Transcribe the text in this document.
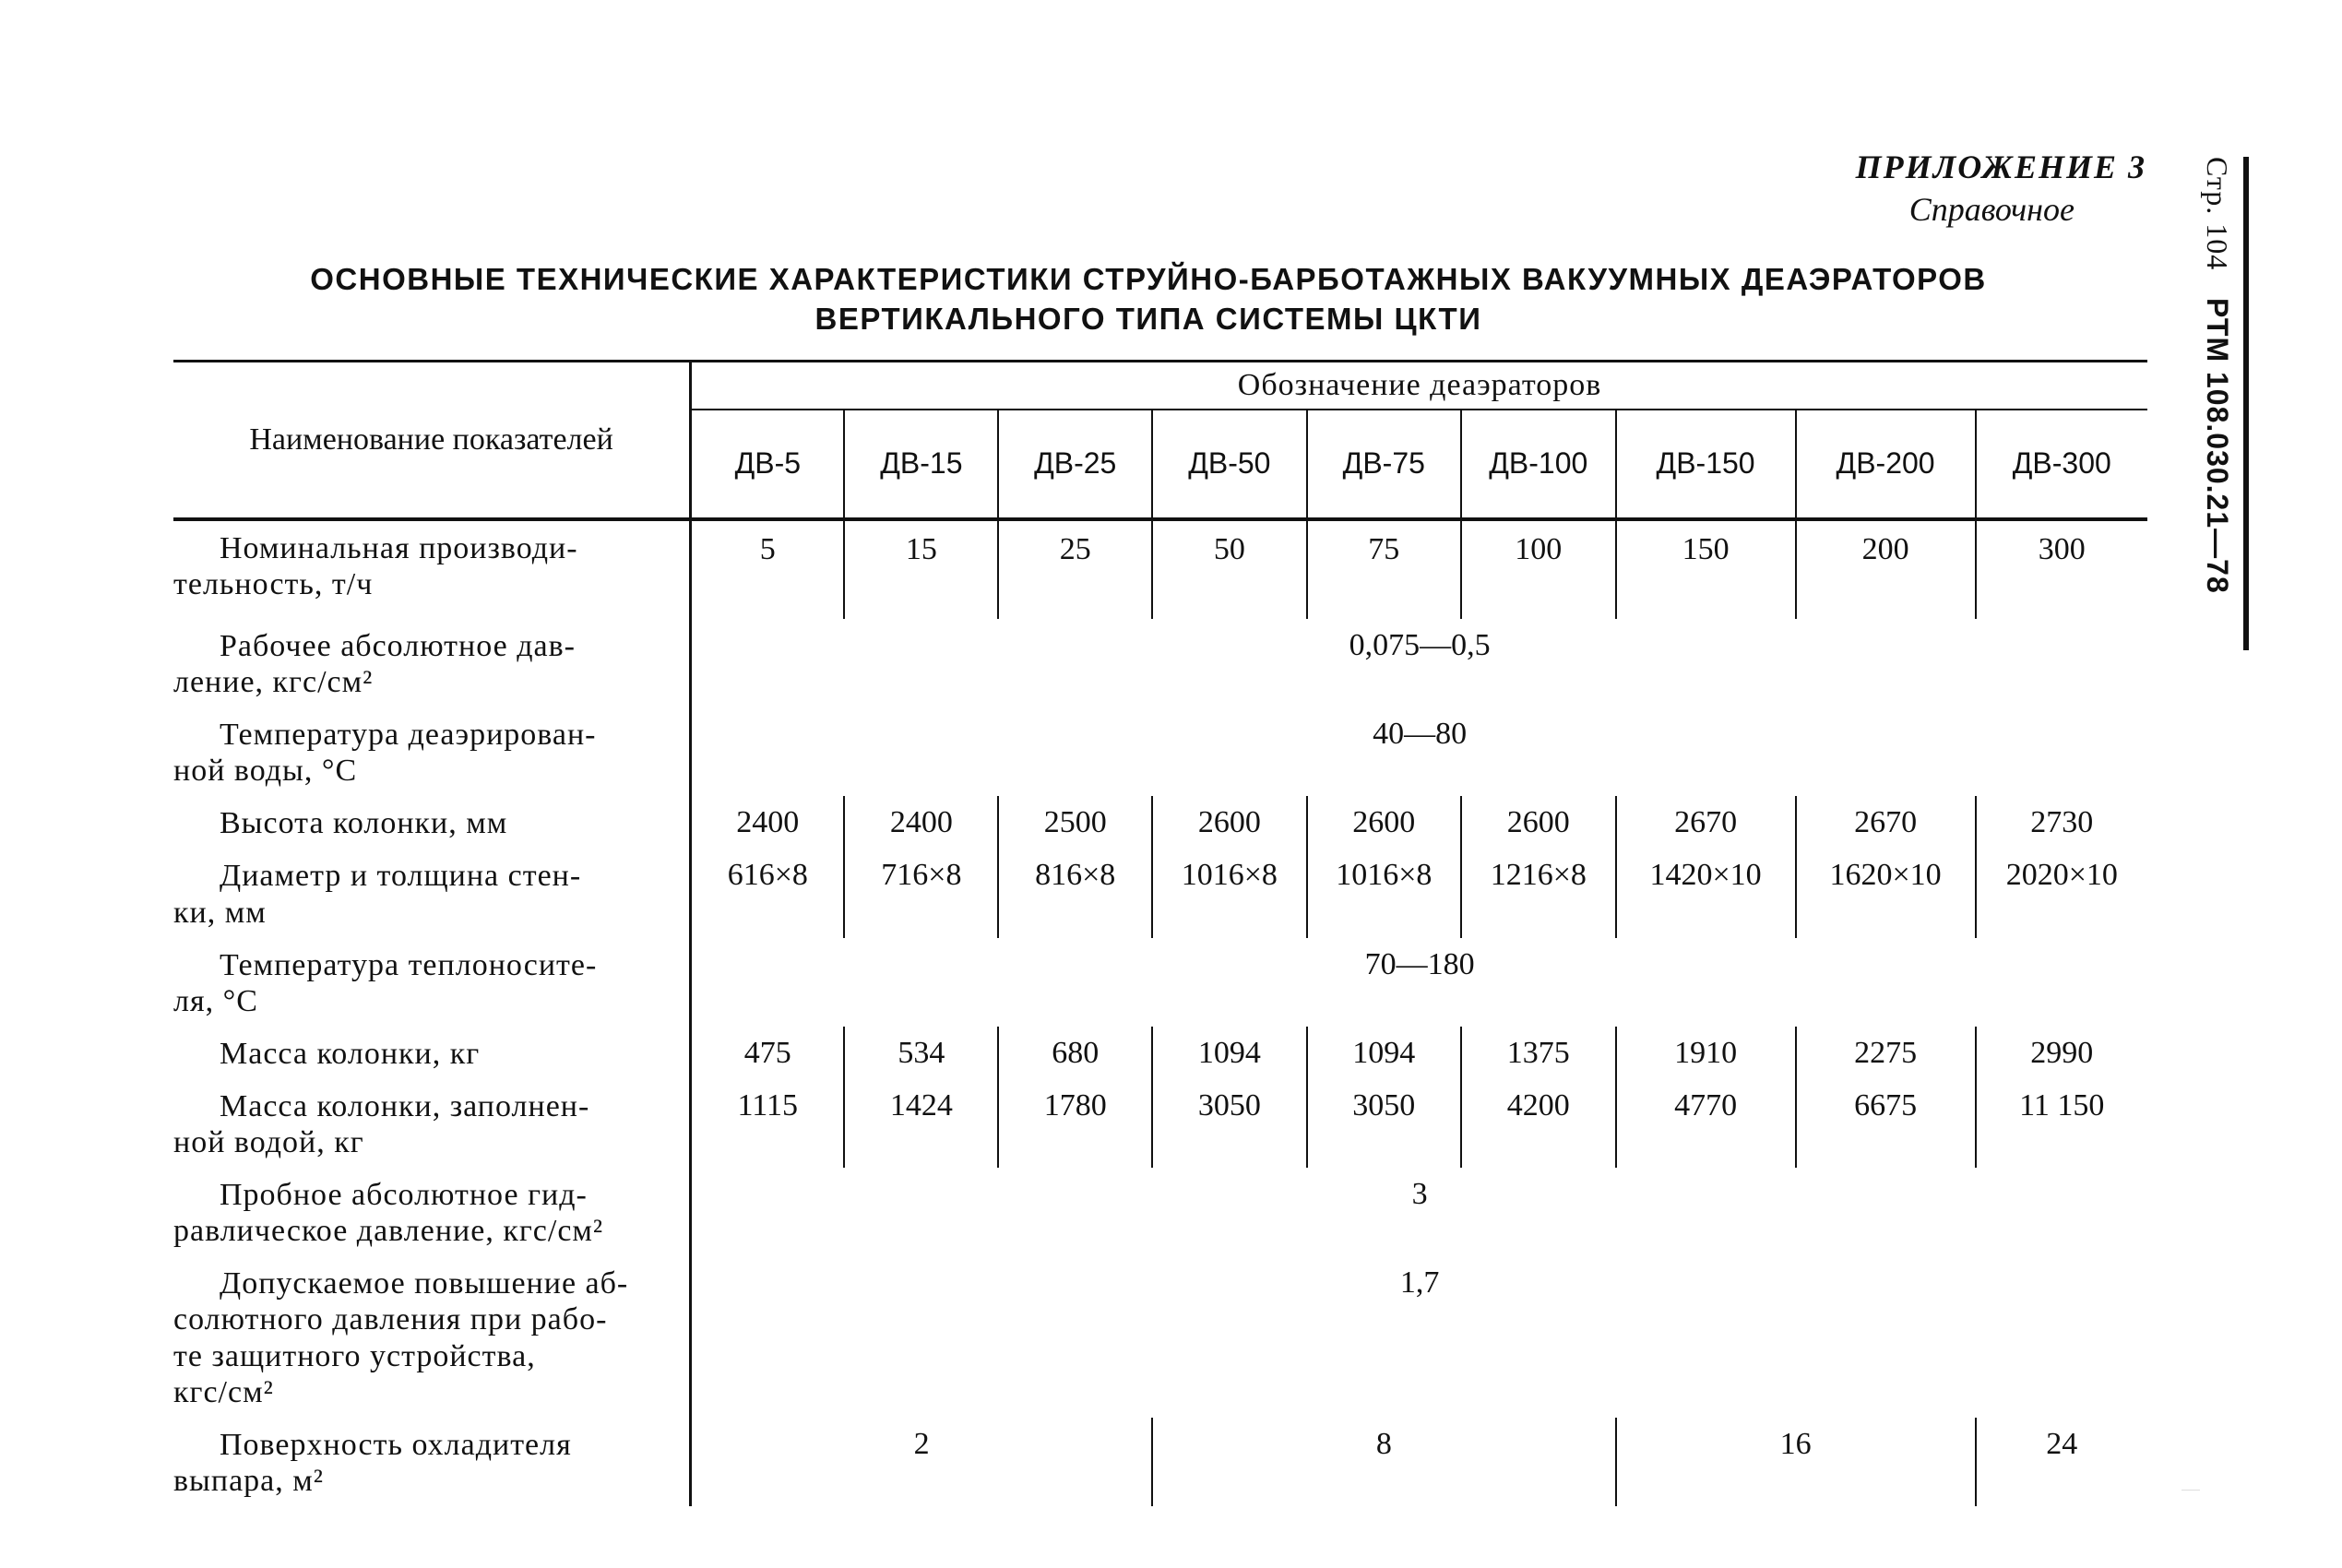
ПРИЛОЖЕНИЕ 3
Справочное	Стр. 104   РТМ 108.030.21—78
ОСНОВНЫЕ ТЕХНИЧЕСКИЕ ХАРАКТЕРИСТИКИ СТРУЙНО-БАРБОТАЖНЫХ ВАКУУМНЫХ ДЕАЭРАТОРОВ
ВЕРТИКАЛЬНОГО ТИПА СИСТЕМЫ ЦКТИ
Наименование показателей	Обозначение деаэраторов								
	ДВ-5	ДВ-15	ДВ-25	ДВ-50	ДВ-75	ДВ-100	ДВ-150	ДВ-200	ДВ-300

Номинальная производи-
тельность, т/ч	5	15	25	50	75	100	150	200	300

Рабочее абсолютное дав-
ление, кгс/см²	0,075—0,5								

Температура деаэрирован-
ной воды, °С	40—80								

Высота колонки, мм	2400	2400	2500	2600	2600	2600	2670	2670	2730

Диаметр и толщина стен-
ки, мм	616×8	716×8	816×8	1016×8	1016×8	1216×8	1420×10	1620×10	2020×10

Температура теплоносите-
ля, °С	70—180								

Масса колонки, кг	475	534	680	1094	1094	1375	1910	2275	2990

Масса колонки, заполнен-
ной водой, кг	1115	1424	1780	3050	3050	4200	4770	6675	11 150

Пробное абсолютное гид-
равлическое давление, кгс/см²	3								

Допускаемое повышение аб-
солютного давления при рабо-
те защитного устройства,
кгс/см²	1,7								

Поверхность охладителя
выпара, м²	2			8			16		24
